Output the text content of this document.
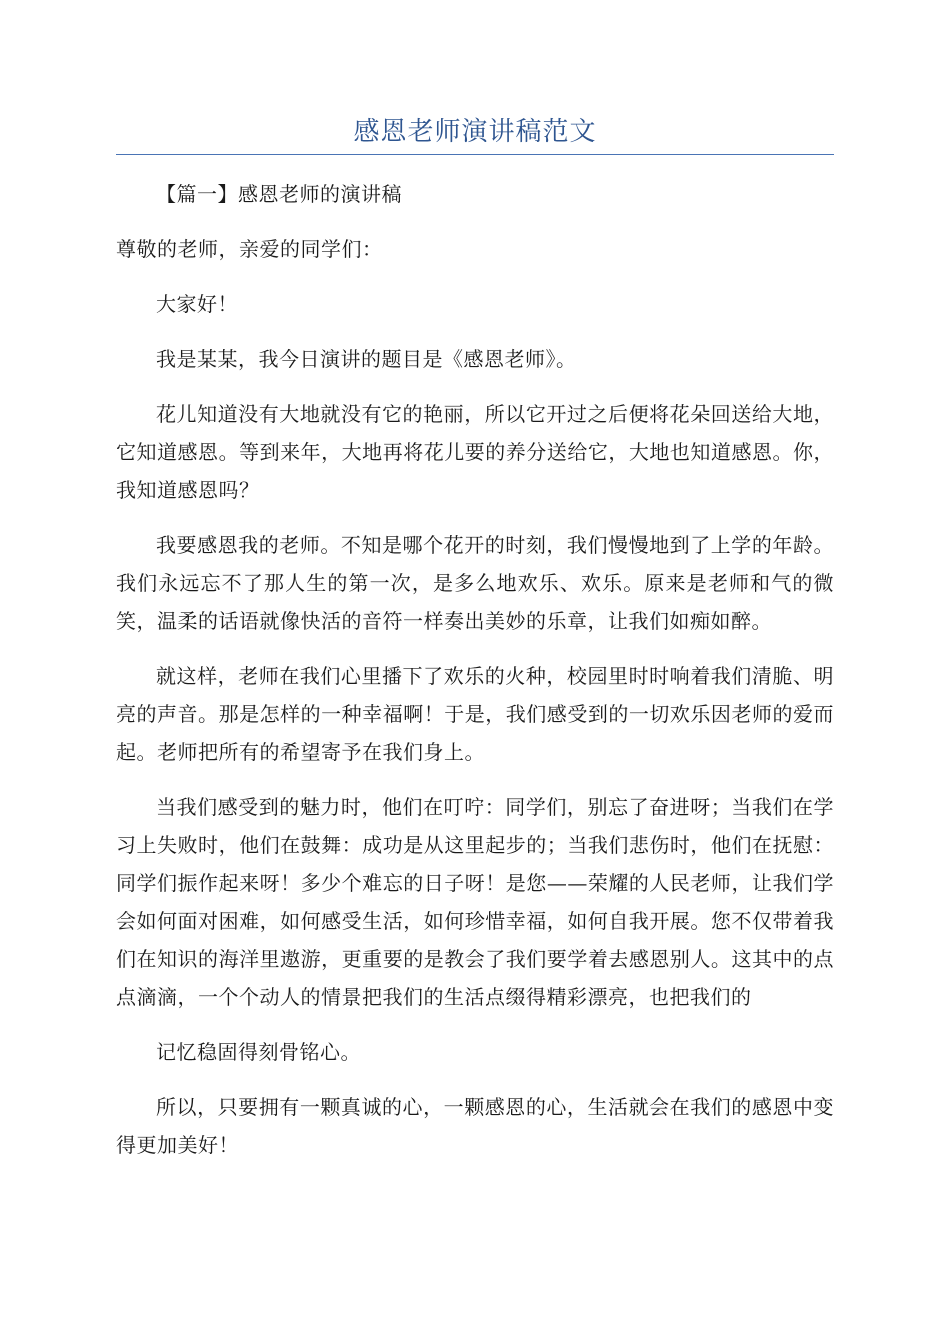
感恩老师演讲稿范文

【篇一】感恩老师的演讲稿

尊敬的老师，亲爱的同学们：

大家好！

我是某某，我今日演讲的题目是《感恩老师》。

花儿知道没有大地就没有它的艳丽，所以它开过之后便将花朵回送给大地，它知道感恩。等到来年，大地再将花儿要的养分送给它，大地也知道感恩。你，我知道感恩吗？

我要感恩我的老师。不知是哪个花开的时刻，我们慢慢地到了上学的年龄。我们永远忘不了那人生的第一次，是多么地欢乐、欢乐。原来是老师和气的微笑，温柔的话语就像快活的音符一样奏出美妙的乐章，让我们如痴如醉。

就这样，老师在我们心里播下了欢乐的火种，校园里时时响着我们清脆、明亮的声音。那是怎样的一种幸福啊！于是，我们感受到的一切欢乐因老师的爱而起。老师把所有的希望寄予在我们身上。

当我们感受到的魅力时，他们在叮咛：同学们，别忘了奋进呀；当我们在学习上失败时，他们在鼓舞：成功是从这里起步的；当我们悲伤时，他们在抚慰：同学们振作起来呀！多少个难忘的日子呀！是您——荣耀的人民老师，让我们学会如何面对困难，如何感受生活，如何珍惜幸福，如何自我开展。您不仅带着我们在知识的海洋里遨游，更重要的是教会了我们要学着去感恩别人。这其中的点点滴滴，一个个动人的情景把我们的生活点缀得精彩漂亮，也把我们的

记忆稳固得刻骨铭心。

所以，只要拥有一颗真诚的心，一颗感恩的心，生活就会在我们的感恩中变得更加美好！
